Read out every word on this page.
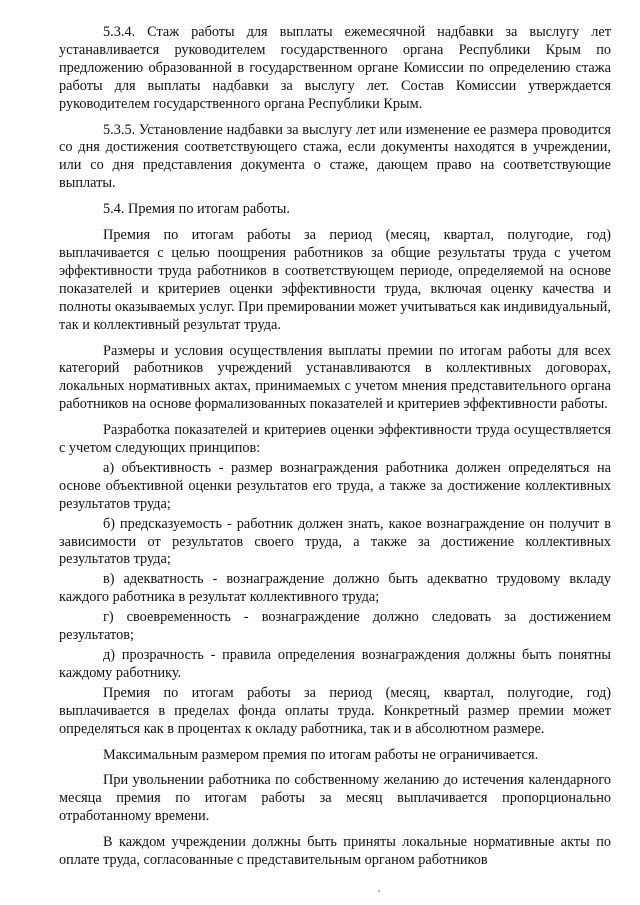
5.3.4. Стаж работы для выплаты ежемесячной надбавки за выслугу лет устанавливается руководителем государственного органа Республики Крым по предложению образованной в государственном органе Комиссии по определению стажа работы для выплаты надбавки за выслугу лет. Состав Комиссии утверждается руководителем государственного органа Республики Крым.

5.3.5. Установление надбавки за выслугу лет или изменение ее размера проводится со дня достижения соответствующего стажа, если документы находятся в учреждении, или со дня представления документа о стаже, дающем право на соответствующие выплаты.

5.4. Премия по итогам работы.

Премия по итогам работы за период (месяц, квартал, полугодие, год) выплачивается с целью поощрения работников за общие результаты труда с учетом эффективности труда работников в соответствующем периоде, определяемой на основе показателей и критериев оценки эффективности труда, включая оценку качества и полноты оказываемых услуг. При премировании может учитываться как индивидуальный, так и коллективный результат труда.

Размеры и условия осуществления выплаты премии по итогам работы для всех категорий работников учреждений устанавливаются в коллективных договорах, локальных нормативных актах, принимаемых с учетом мнения представительного органа работников на основе формализованных показателей и критериев эффективности работы.

Разработка показателей и критериев оценки эффективности труда осуществляется с учетом следующих принципов:

а) объективность - размер вознаграждения работника должен определяться на основе объективной оценки результатов его труда, а также за достижение коллективных результатов труда;

б) предсказуемость - работник должен знать, какое вознаграждение он получит в зависимости от результатов своего труда, а также за достижение коллективных результатов труда;

в) адекватность - вознаграждение должно быть адекватно трудовому вкладу каждого работника в результат коллективного труда;

г) своевременность - вознаграждение должно следовать за достижением результатов;

д) прозрачность - правила определения вознаграждения должны быть понятны каждому работнику.

Премия по итогам работы за период (месяц, квартал, полугодие, год) выплачивается в пределах фонда оплаты труда. Конкретный размер премии может определяться как в процентах к окладу работника, так и в абсолютном размере.

Максимальным размером премия по итогам работы не ограничивается.

При увольнении работника по собственному желанию до истечения календарного месяца премия по итогам работы за месяц выплачивается пропорционально отработанному времени.

В каждом учреждении должны быть приняты локальные нормативные акты по оплате труда, согласованные с представительным органом работников
